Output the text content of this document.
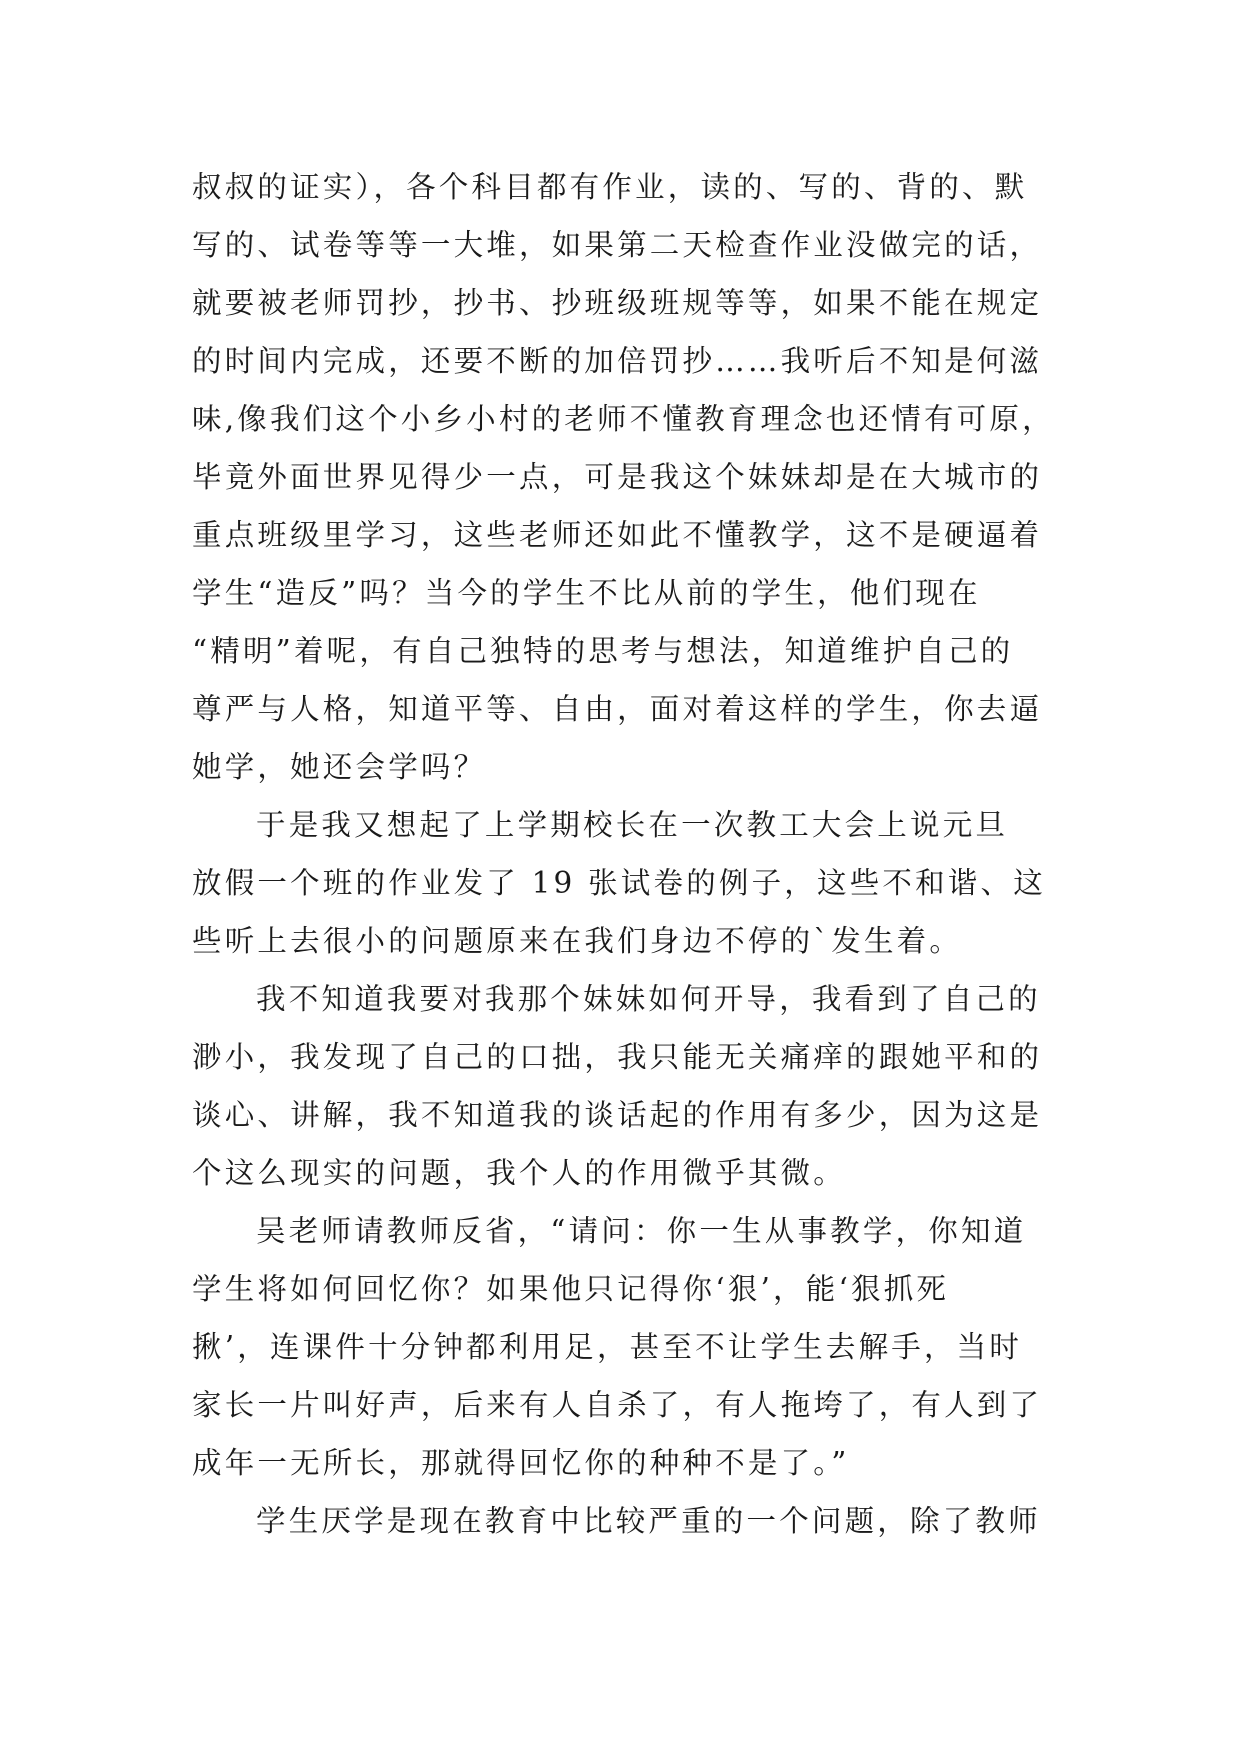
叔叔的证实），各个科目都有作业，读的、写的、背的、默
写的、试卷等等一大堆，如果第二天检查作业没做完的话，
就要被老师罚抄，抄书、抄班级班规等等，如果不能在规定
的时间内完成，还要不断的加倍罚抄……我听后不知是何滋
味,像我们这个小乡小村的老师不懂教育理念也还情有可原，
毕竟外面世界见得少一点，可是我这个妹妹却是在大城市的
重点班级里学习，这些老师还如此不懂教学，这不是硬逼着
学生“造反”吗？当今的学生不比从前的学生，他们现在
“精明”着呢，有自己独特的思考与想法，知道维护自己的
尊严与人格，知道平等、自由，面对着这样的学生，你去逼
她学，她还会学吗？
于是我又想起了上学期校长在一次教工大会上说元旦
放假一个班的作业发了 19 张试卷的例子，这些不和谐、这
些听上去很小的问题原来在我们身边不停的`发生着。
我不知道我要对我那个妹妹如何开导，我看到了自己的
渺小，我发现了自己的口拙，我只能无关痛痒的跟她平和的
谈心、讲解，我不知道我的谈话起的作用有多少，因为这是
个这么现实的问题，我个人的作用微乎其微。
吴老师请教师反省，“请问：你一生从事教学，你知道
学生将如何回忆你？如果他只记得你‘狠’，能‘狠抓死
揪’，连课件十分钟都利用足，甚至不让学生去解手，当时
家长一片叫好声，后来有人自杀了，有人拖垮了，有人到了
成年一无所长，那就得回忆你的种种不是了。”
学生厌学是现在教育中比较严重的一个问题，除了教师
